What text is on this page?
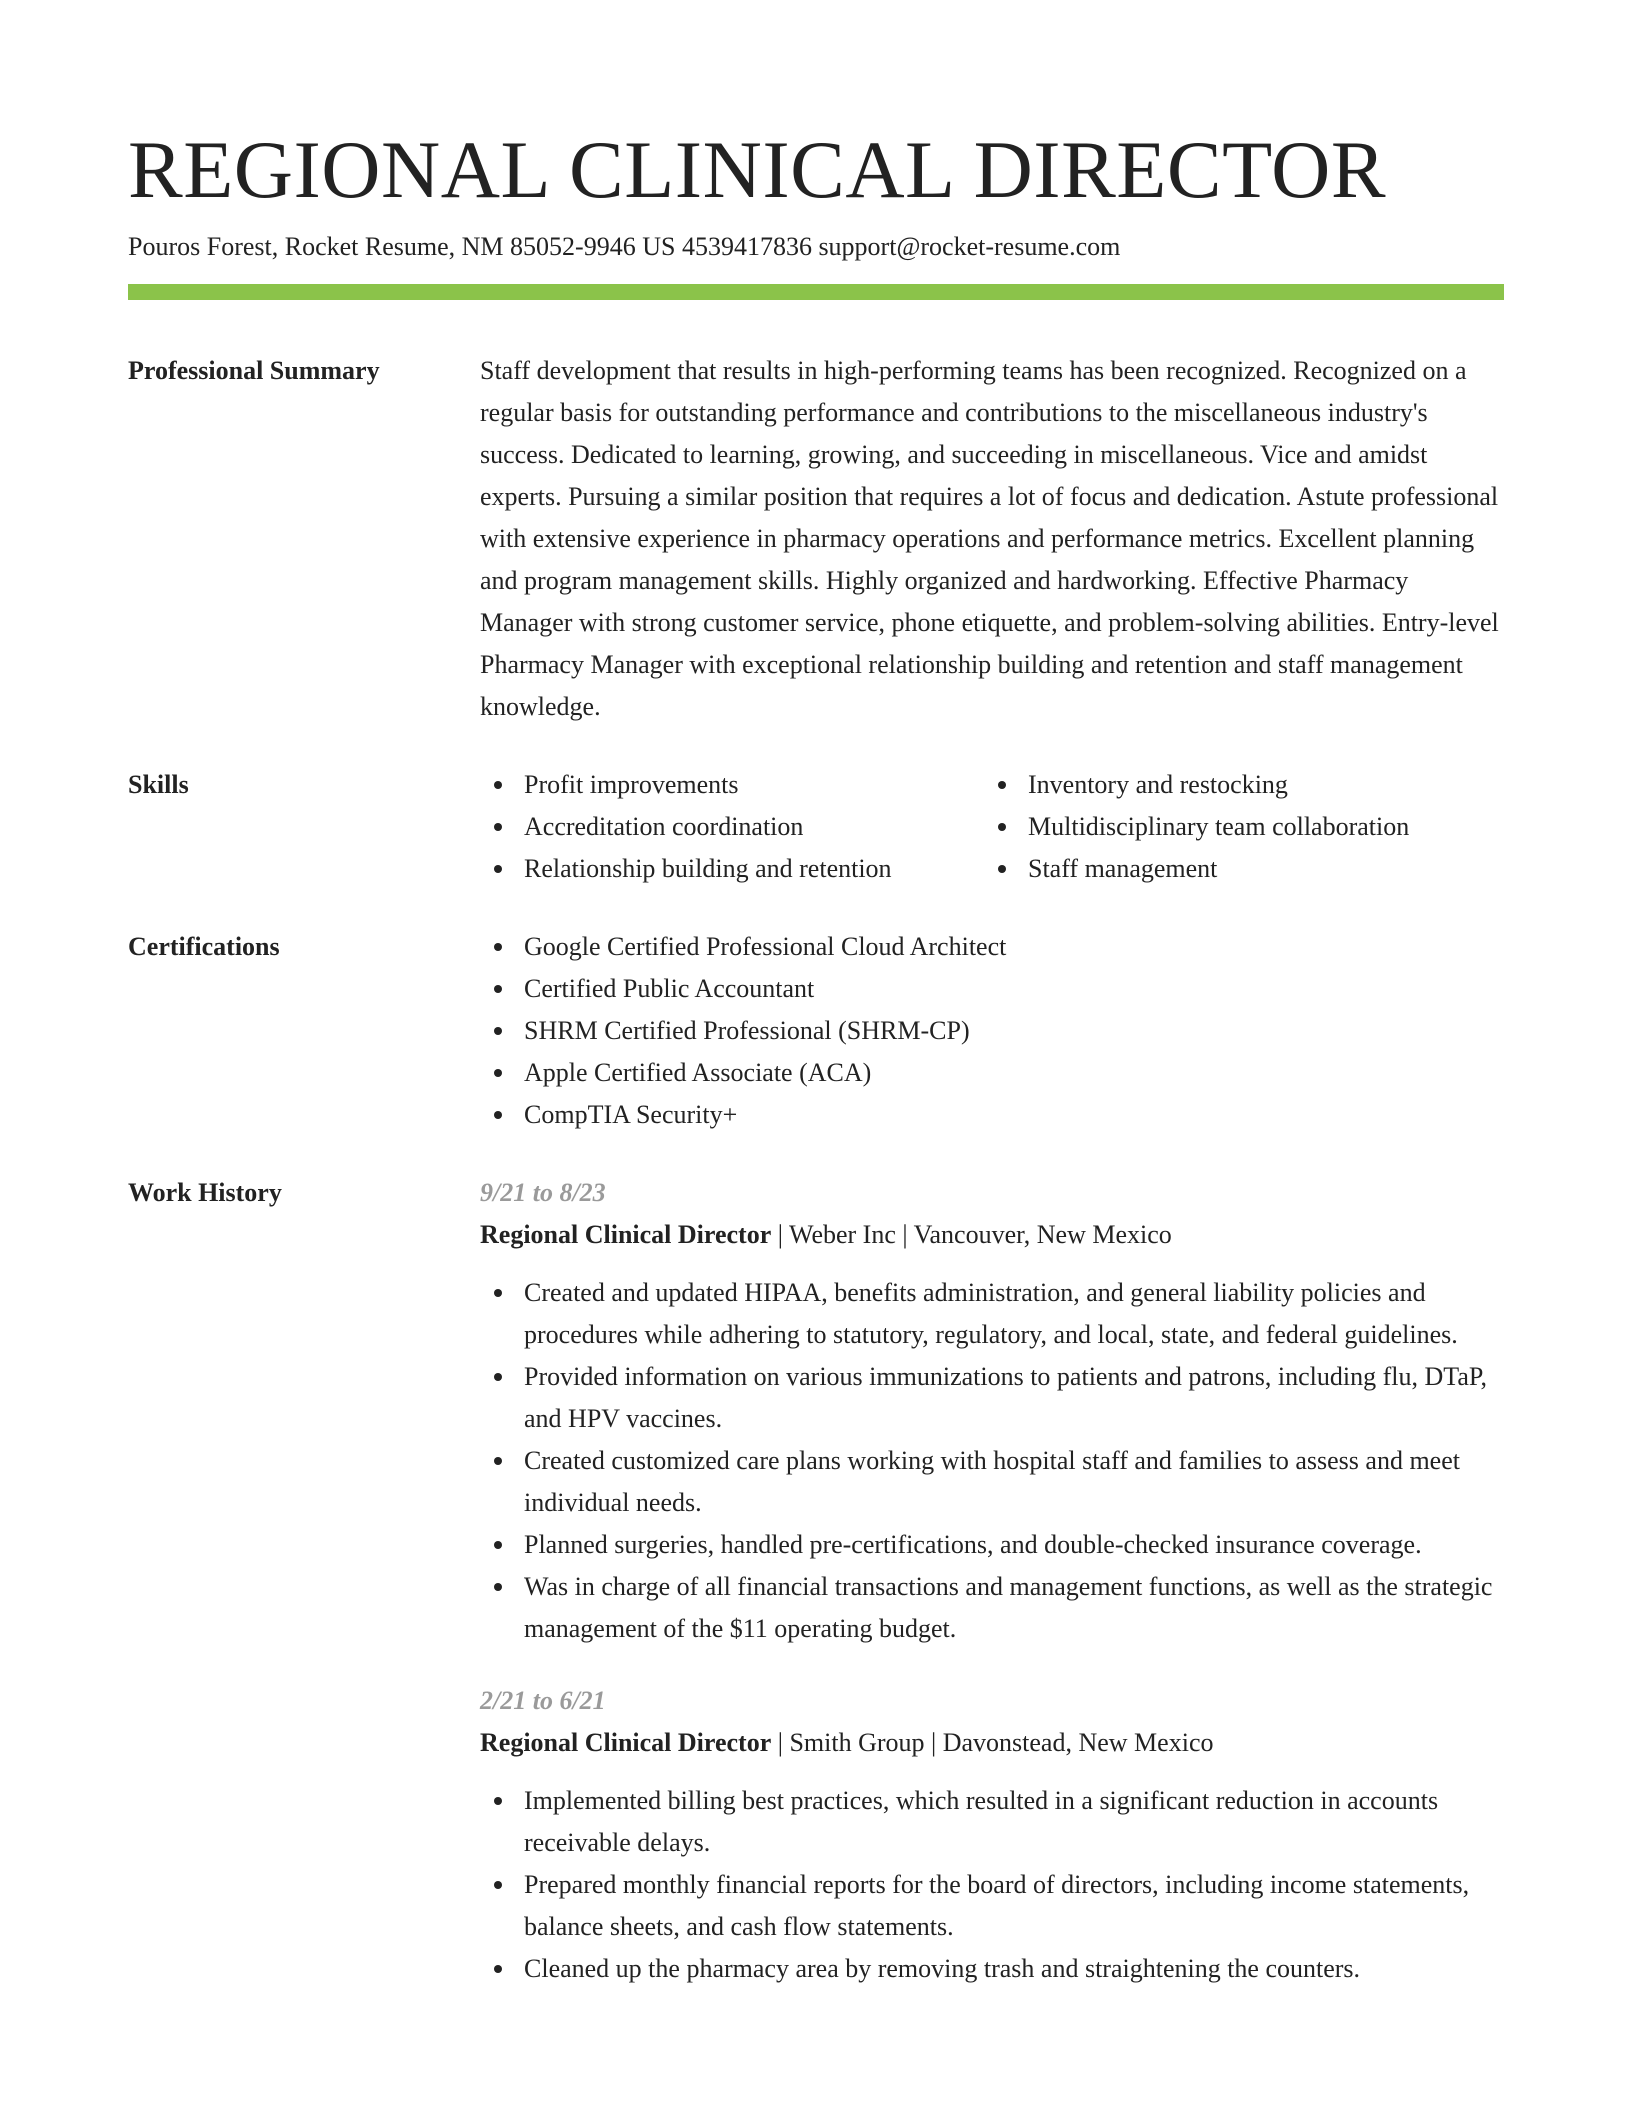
REGIONAL CLINICAL DIRECTOR
Pouros Forest, Rocket Resume, NM 85052-9946 US 4539417836 support@rocket-resume.com
Professional Summary	Staff development that results in high-performing teams has been recognized. Recognized on a regular basis for outstanding performance and contributions to the miscellaneous industry's success. Dedicated to learning, growing, and succeeding in miscellaneous. Vice and amidst experts. Pursuing a similar position that requires a lot of focus and dedication. Astute professional with extensive experience in pharmacy operations and performance metrics. Excellent planning and program management skills. Highly organized and hardworking. Effective Pharmacy Manager with strong customer service, phone etiquette, and problem-solving abilities. Entry-level Pharmacy Manager with exceptional relationship building and retention and staff management knowledge.

Skills	Profit improvements	Inventory and restocking
Accreditation coordination	Multidisciplinary team collaboration
Relationship building and retention	Staff management
Certifications	Google Certified Professional Cloud Architect
Certified Public Accountant
SHRM Certified Professional (SHRM-CP)
Apple Certified Associate (ACA)
CompTIA Security+
Work History	9/21 to 8/23
Regional Clinical Director | Weber Inc | Vancouver, New Mexico
Created and updated HIPAA, benefits administration, and general liability policies and procedures while adhering to statutory, regulatory, and local, state, and federal guidelines.
Provided information on various immunizations to patients and patrons, including flu, DTaP, and HPV vaccines.
Created customized care plans working with hospital staff and families to assess and meet individual needs.
Planned surgeries, handled pre-certifications, and double-checked insurance coverage.
Was in charge of all financial transactions and management functions, as well as the strategic management of the $11 operating budget.
2/21 to 6/21
Regional Clinical Director | Smith Group | Davonstead, New Mexico
Implemented billing best practices, which resulted in a significant reduction in accounts receivable delays.
Prepared monthly financial reports for the board of directors, including income statements, balance sheets, and cash flow statements.
Cleaned up the pharmacy area by removing trash and straightening the counters.
